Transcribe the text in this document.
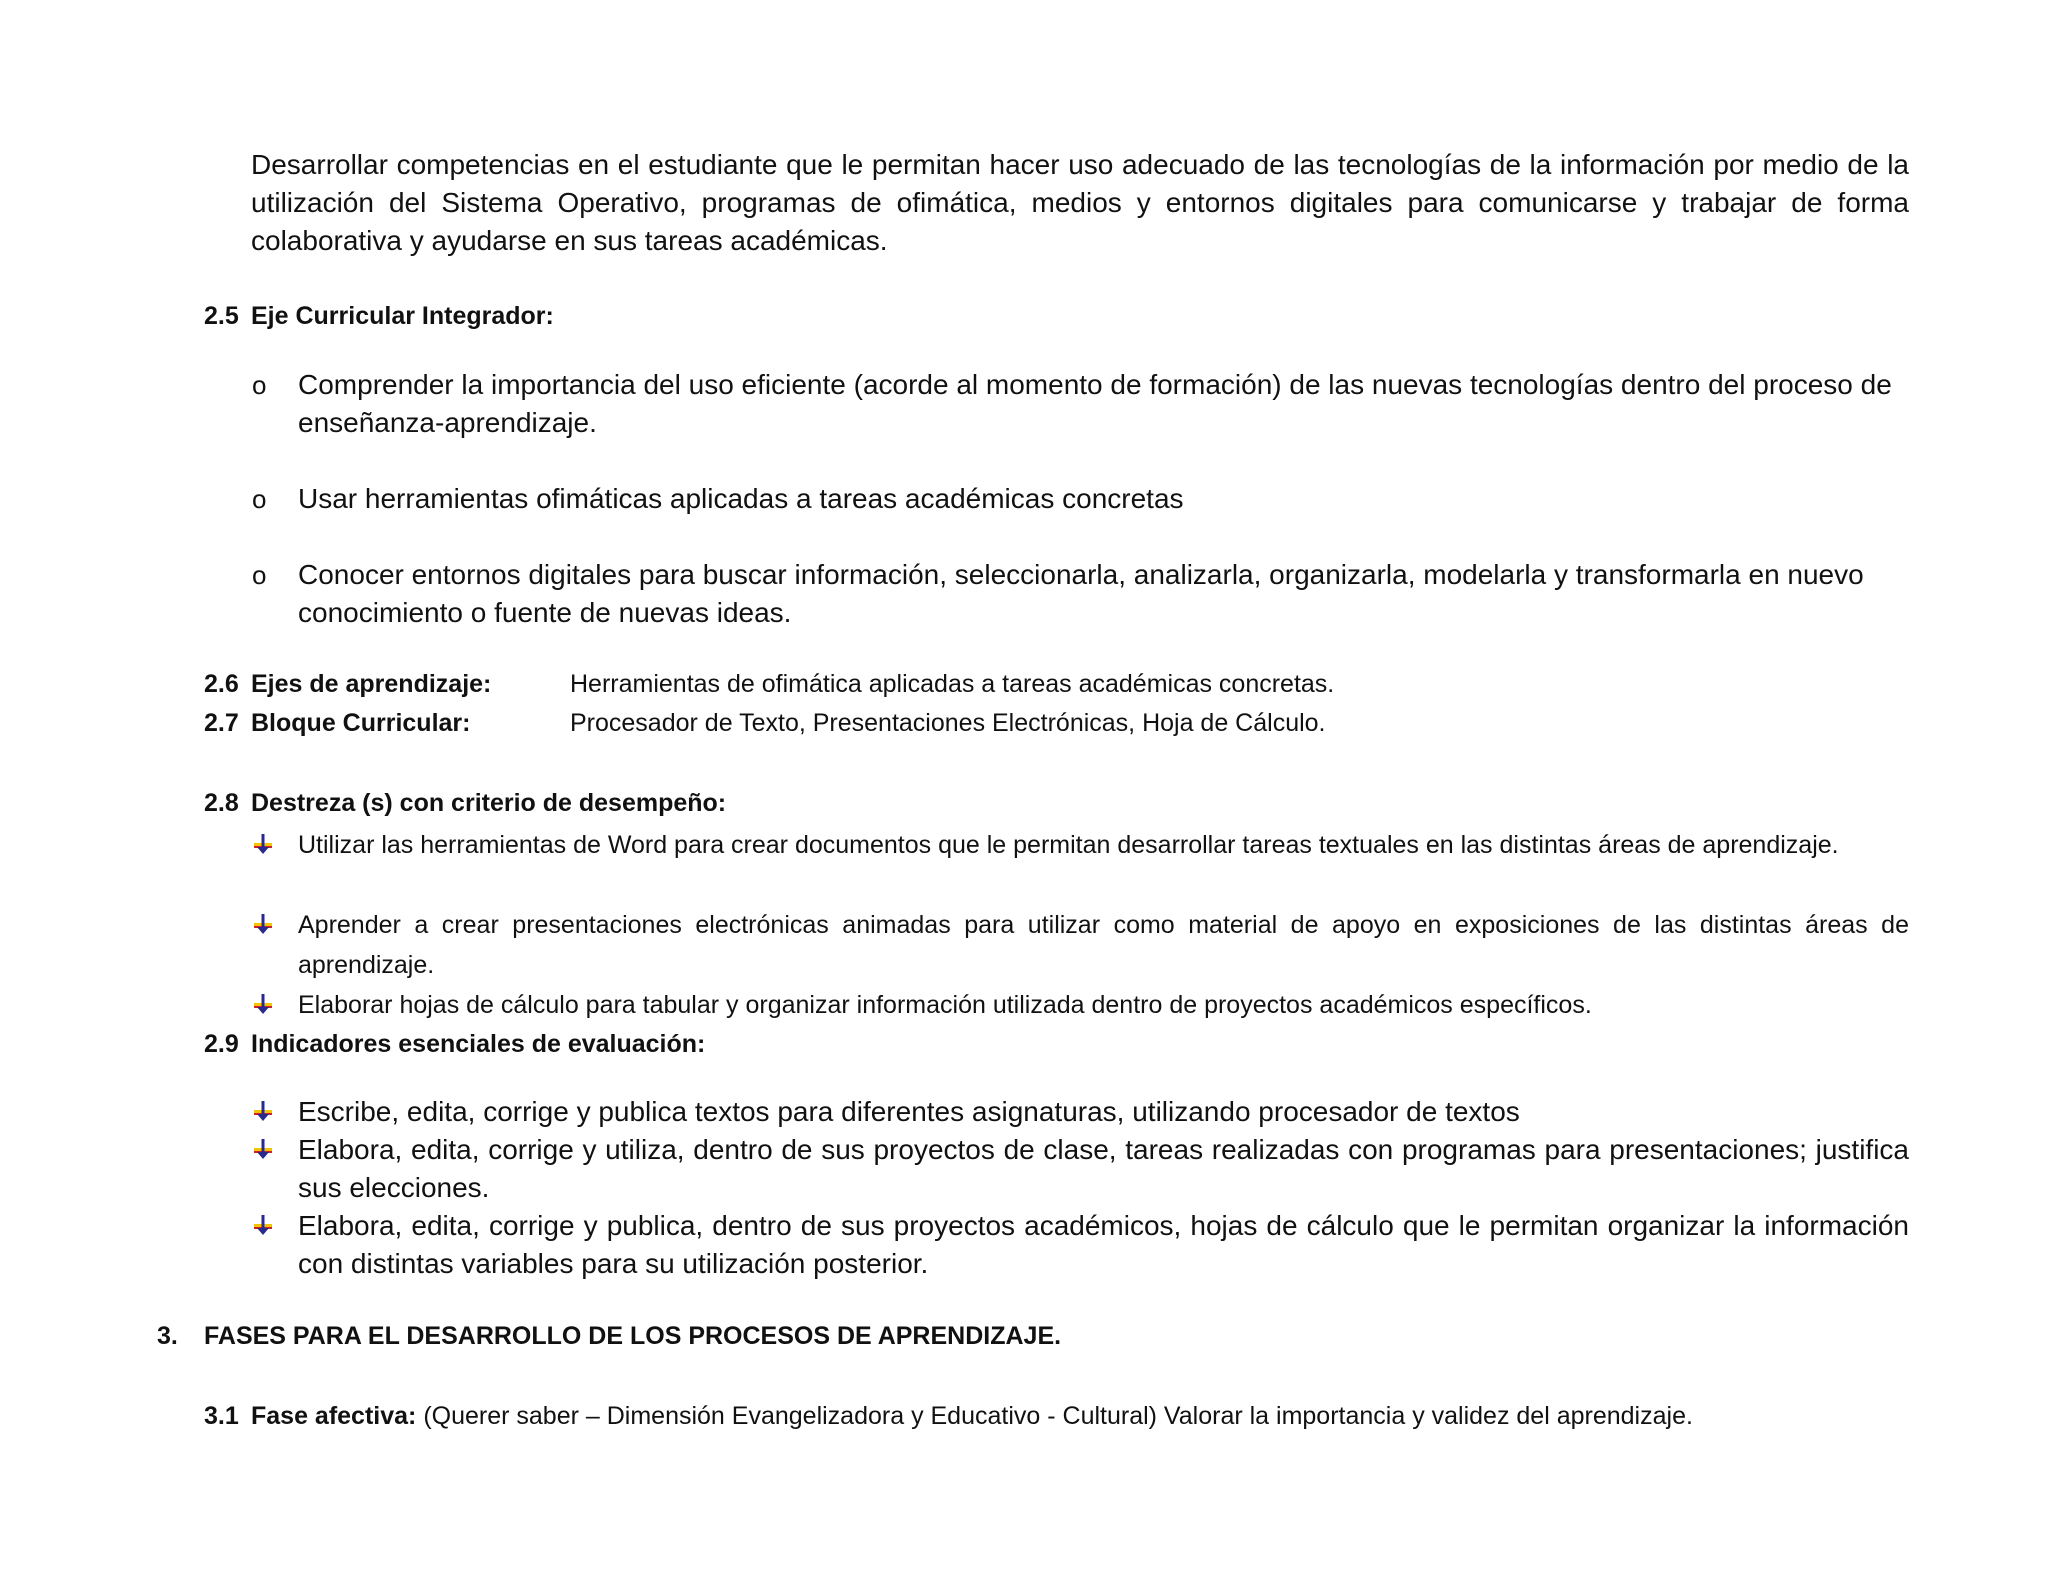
Desarrollar competencias en el estudiante que le permitan hacer uso adecuado de las tecnologías de la información por medio de la utilización del Sistema Operativo, programas de ofimática, medios y entornos digitales para comunicarse y trabajar de forma colaborativa y ayudarse en sus tareas académicas.
2.5 Eje Curricular Integrador:
o Comprender la importancia del uso eficiente (acorde al momento de formación) de las nuevas tecnologías dentro del proceso de enseñanza-aprendizaje.
o Usar herramientas ofimáticas aplicadas a tareas académicas concretas
o Conocer entornos digitales para buscar información, seleccionarla, analizarla, organizarla, modelarla y transformarla en nuevo conocimiento o fuente de nuevas ideas.
2.6 Ejes de aprendizaje:	Herramientas de ofimática aplicadas a tareas académicas concretas.
2.7 Bloque Curricular:	Procesador de Texto, Presentaciones Electrónicas, Hoja de Cálculo.
2.8 Destreza (s) con criterio de desempeño:
Utilizar las herramientas de Word para crear documentos que le permitan desarrollar tareas textuales en las distintas áreas de aprendizaje.
Aprender a crear presentaciones electrónicas animadas para utilizar como material de apoyo en exposiciones de las distintas áreas de aprendizaje.
Elaborar hojas de cálculo para tabular y organizar información utilizada dentro de proyectos académicos específicos.
2.9 Indicadores esenciales de evaluación:
Escribe, edita, corrige y publica textos para diferentes asignaturas, utilizando procesador de textos
Elabora, edita, corrige y utiliza, dentro de sus proyectos de clase, tareas realizadas con programas para presentaciones; justifica sus elecciones.
Elabora, edita, corrige y publica, dentro de sus proyectos académicos, hojas de cálculo que le permitan organizar la información con distintas variables para su utilización posterior.
3. FASES PARA EL DESARROLLO DE LOS PROCESOS DE APRENDIZAJE.
3.1 Fase afectiva: (Querer saber – Dimensión Evangelizadora y Educativo - Cultural) Valorar la importancia y validez del aprendizaje.
